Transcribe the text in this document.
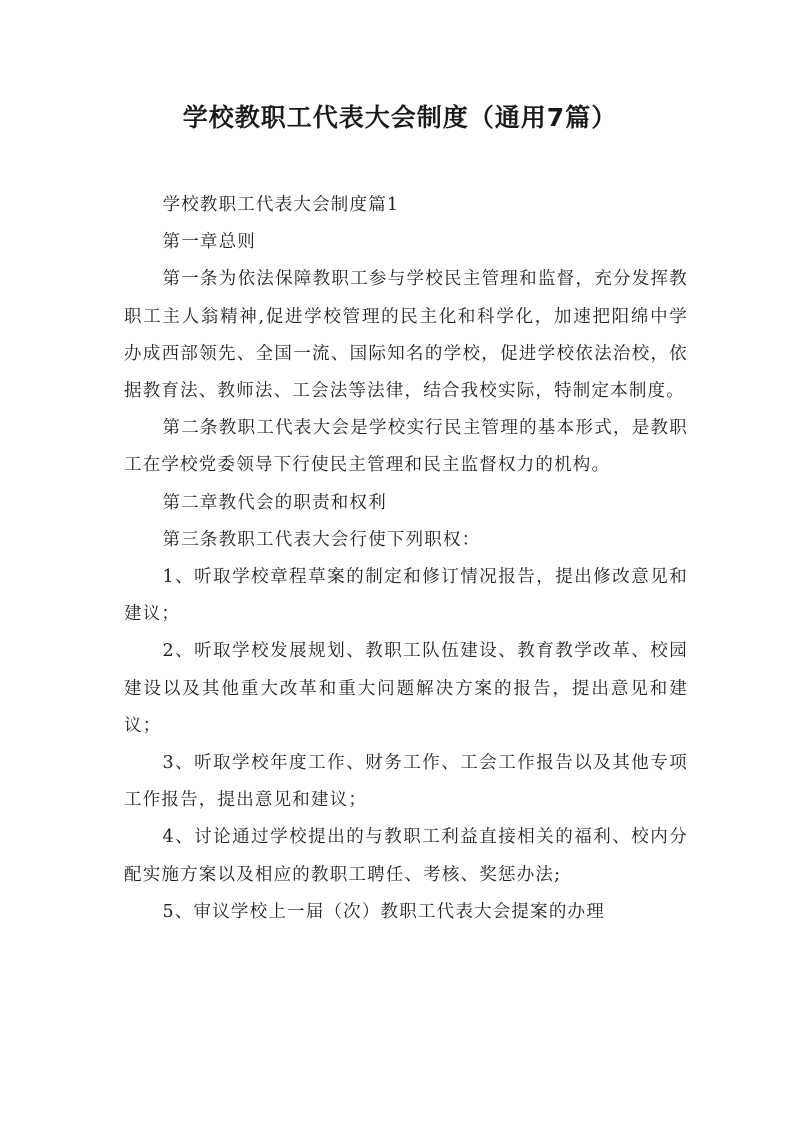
学校教职工代表大会制度（通用7篇）

学校教职工代表大会制度篇1

第一章总则

第一条为依法保障教职工参与学校民主管理和监督，充分发挥教职工主人翁精神,促进学校管理的民主化和科学化，加速把阳绵中学办成西部领先、全国一流、国际知名的学校，促进学校依法治校，依据教育法、教师法、工会法等法律，结合我校实际，特制定本制度。

第二条教职工代表大会是学校实行民主管理的基本形式，是教职工在学校党委领导下行使民主管理和民主监督权力的机构。

第二章教代会的职责和权利

第三条教职工代表大会行使下列职权：

1、听取学校章程草案的制定和修订情况报告，提出修改意见和建议；

2、听取学校发展规划、教职工队伍建设、教育教学改革、校园建设以及其他重大改革和重大问题解决方案的报告，提出意见和建议；

3、听取学校年度工作、财务工作、工会工作报告以及其他专项工作报告，提出意见和建议；

4、讨论通过学校提出的与教职工利益直接相关的福利、校内分配实施方案以及相应的教职工聘任、考核、奖惩办法;

5、审议学校上一届（次）教职工代表大会提案的办理
